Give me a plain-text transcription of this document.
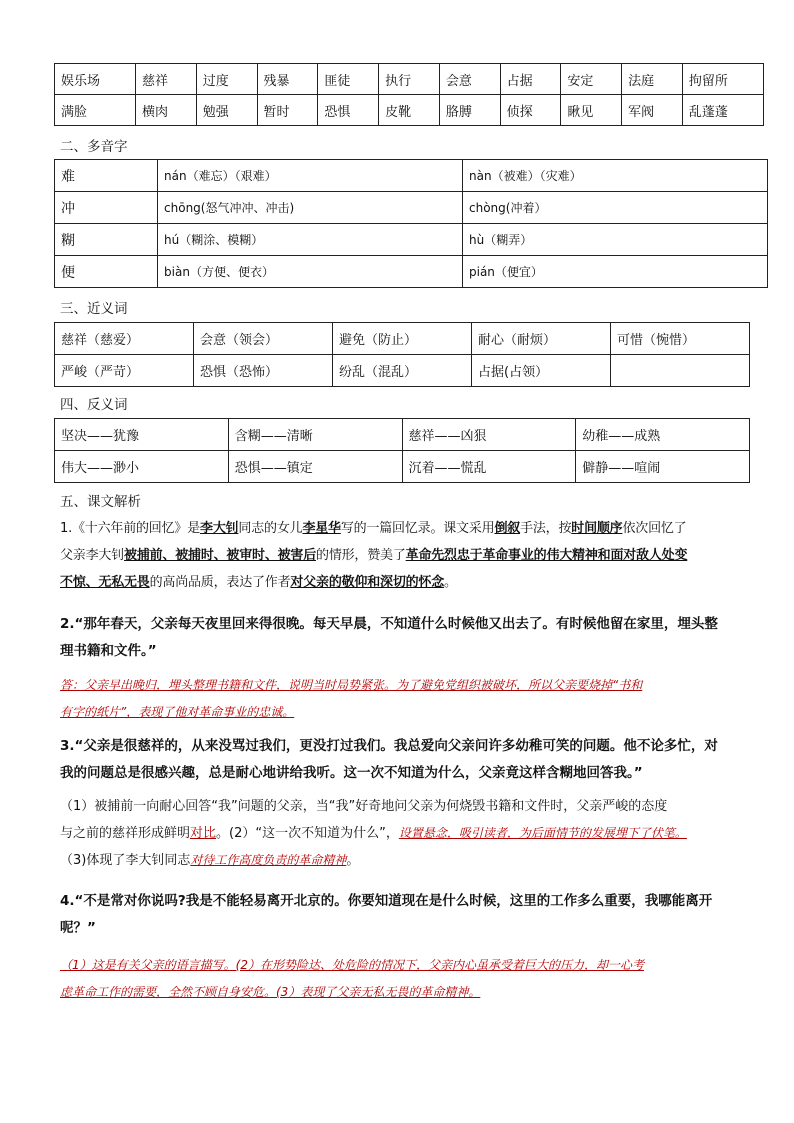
娱乐场	慈祥	过度	残暴	匪徒	执行	会意	占据	安定	法庭	拘留所
满脸	横肉	勉强	暂时	恐惧	皮靴	胳膊	侦探	瞅见	军阀	乱蓬蓬
二、多音字
难	nán（难忘）（艰难）	nàn（被难）（灾难）
冲	chōng(怒气冲冲、冲击)	chòng(冲着）
糊	hú（糊涂、模糊）	hù（糊弄）
便	biàn（方便、便衣）	pián（便宜）
三、近义词
慈祥（慈爱）	会意（领会）	避免（防止）	耐心（耐烦）	可惜（惋惜）
严峻（严苛）	恐惧（恐怖）	纷乱（混乱）	占据(占领）	
四、反义词
坚决——犹豫	含糊——清晰	慈祥——凶狠	幼稚——成熟
伟大——渺小	恐惧——镇定	沉着——慌乱	僻静——喧闹
五、课文解析
1.《十六年前的回忆》是李大钊同志的女儿李星华写的一篇回忆录。课文采用倒叙手法，按时间顺序依次回忆了
父亲李大钊被捕前、被捕时、被审时、被害后的情形，赞美了革命先烈忠于革命事业的伟大精神和面对敌人处变
不惊、无私无畏的高尚品质，表达了作者对父亲的敬仰和深切的怀念。
2.“那年春天，父亲每天夜里回来得很晚。每天早晨，不知道什么时候他又出去了。有时候他留在家里，埋头整
理书籍和文件。”
答：父亲早出晚归，埋头整理书籍和文件，说明当时局势紧张。为了避免党组织被破坏，所以父亲要烧掉“书和
有字的纸片”，表现了他对革命事业的忠诚。
3.“父亲是很慈祥的，从来没骂过我们，更没打过我们。我总爱向父亲问许多幼稚可笑的问题。他不论多忙，对
我的问题总是很感兴趣，总是耐心地讲给我听。这一次不知道为什么，父亲竟这样含糊地回答我。”
（1）被捕前一向耐心回答“我”问题的父亲，当“我”好奇地问父亲为何烧毁书籍和文件时，父亲严峻的态度
与之前的慈祥形成鲜明对比。(2）“这一次不知道为什么”，设置悬念，吸引读者，为后面情节的发展埋下了伏笔。
（3)体现了李大钊同志对待工作高度负责的革命精神。
4.“不是常对你说吗?我是不能轻易离开北京的。你要知道现在是什么时候，这里的工作多么重要，我哪能离开
呢？”
（1）这是有关父亲的语言描写。(2）在形势险达、处危险的情况下，父亲内心虽承受着巨大的压力，却一心考
虑革命工作的需要，全然不顾自身安危。(3）表现了父亲无私无畏的革命精神。
